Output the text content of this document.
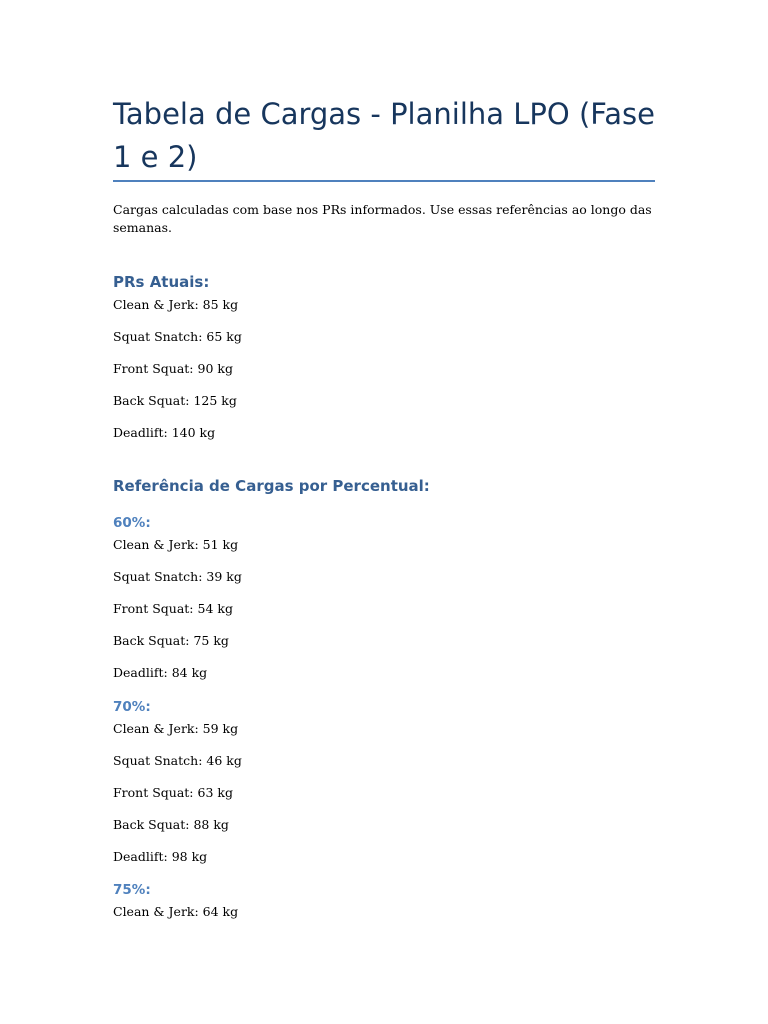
Tabela de Cargas - Planilha LPO (Fase 1 e 2)

Cargas calculadas com base nos PRs informados. Use essas referências ao longo das semanas.

PRs Atuais:

Clean & Jerk: 85 kg

Squat Snatch: 65 kg

Front Squat: 90 kg

Back Squat: 125 kg

Deadlift: 140 kg

Referência de Cargas por Percentual:
60%:

Clean & Jerk: 51 kg

Squat Snatch: 39 kg

Front Squat: 54 kg

Back Squat: 75 kg

Deadlift: 84 kg

70%:

Clean & Jerk: 59 kg

Squat Snatch: 46 kg

Front Squat: 63 kg

Back Squat: 88 kg

Deadlift: 98 kg

75%:

Clean & Jerk: 64 kg
